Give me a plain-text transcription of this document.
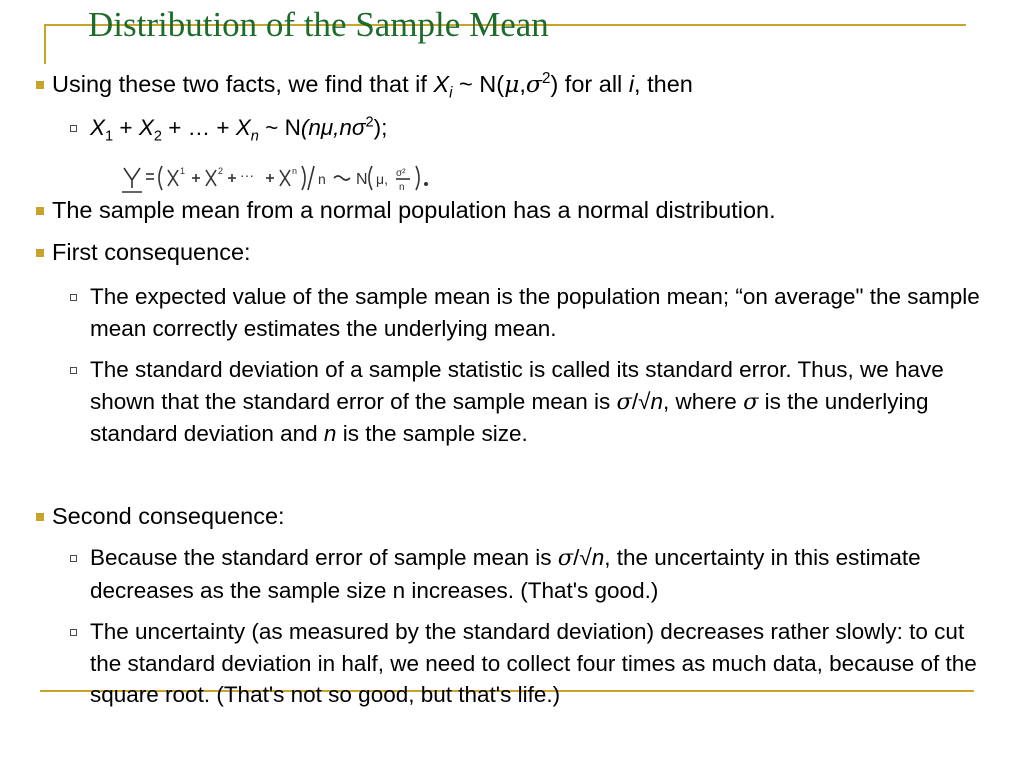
Distribution of the Sample Mean
Using these two facts, we find that if $X_i$ ~ $N(\mu,\sigma^2)$ for all i, then
$X_1 + X_2$ + … + $X_n$ ~ $N(n\mu,n\sigma^2)$;
1	2 ···	n n N μ, σ²
n
The sample mean from a normal population has a normal distribution.
First consequence:
The expected value of the sample mean is the population mean; “on average" the sample mean correctly estimates the underlying mean.
The standard deviation of a sample statistic is called its standard error. Thus, we have shown that the standard error of the sample mean is σ/√n, where σ is the underlying standard deviation and n is the sample size.
Second consequence:
Because the standard error of sample mean is σ/√n, the uncertainty in this estimate decreases as the sample size n increases. (That's good.)
The uncertainty (as measured by the standard deviation) decreases rather slowly: to cut the standard deviation in half, we need to collect four times as much data, because of the square root. (That's not so good, but that's life.)
